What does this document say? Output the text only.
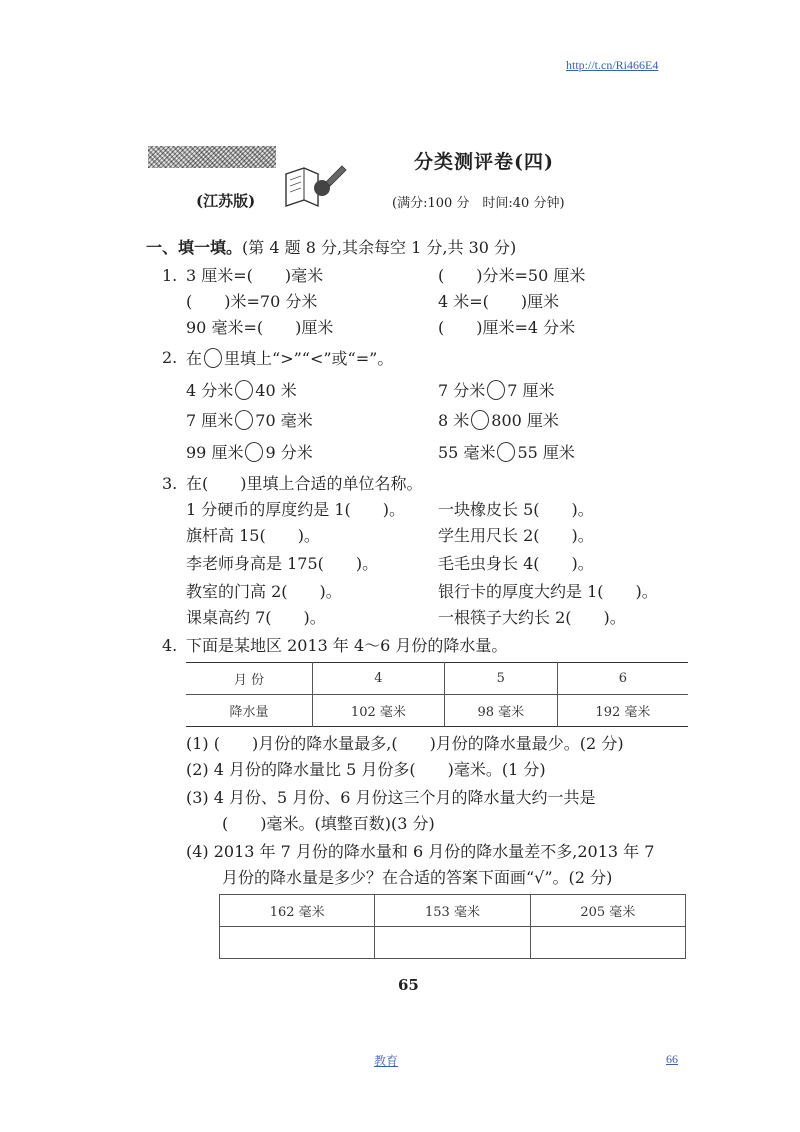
http://t.cn/Ri466E4
分类测评卷(四)
(江苏版)	(满分:100 分　时间:40 分钟)
一、填一填。(第 4 题 8 分,其余每空 1 分,共 30 分)
1. 3 厘米=(　　)毫米	(　　)分米=50 厘米
(　　)米=70 分米	4 米=(　　)厘米
90 毫米=(　　)厘米	(　　)厘米=4 分米
2. 在 里填上“>”“<”或“=”。
4 分米 40 米	7 分米 7 厘米
7 厘米 70 毫米	8 米 800 厘米
99 厘米 9 分米	55 毫米 55 厘米
3. 在(　　)里填上合适的单位名称。
1 分硬币的厚度约是 1(　　)。 一块橡皮长 5(　　)。
旗杆高 15(　　)。	学生用尺长 2(　　)。
李老师身高是 175(　　)。	毛毛虫身长 4(　　)。
教室的门高 2(　　)。	银行卡的厚度大约是 1(　　)。
课桌高约 7(　　)。	一根筷子大约长 2(　　)。
4. 下面是某地区 2013 年 4～6 月份的降水量。
月 份	4	5	6
降水量	102 毫米	98 毫米	192 毫米
(1) (　　)月份的降水量最多,(　　)月份的降水量最少。(2 分)
(2) 4 月份的降水量比 5 月份多(　　)毫米。(1 分)
(3) 4 月份、5 月份、6 月份这三个月的降水量大约一共是
(　　)毫米。(填整百数)(3 分)
(4) 2013 年 7 月份的降水量和 6 月份的降水量差不多,2013 年 7
月份的降水量是多少？在合适的答案下面画“√”。(2 分)
162 毫米	153 毫米	205 毫米

65
教育	66
